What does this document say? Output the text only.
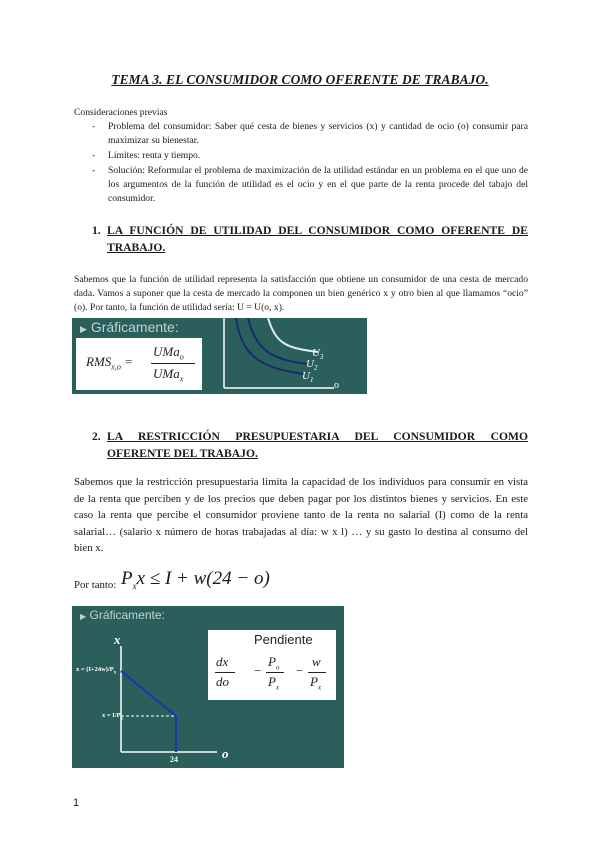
TEMA 3. EL CONSUMIDOR COMO OFERENTE DE TRABAJO.
Consideraciones previas
- Problema del consumidor: Saber qué cesta de bienes y servicios (x) y cantidad de ocio (o) consumir para maximizar su bienestar.
- Límites: renta y tiempo.
- Solución: Reformular el problema de maximización de la utilidad estándar en un problema en el que uno de los argumentos de la función de utilidad es el ocio y en el que parte de la renta procede del tabajo del consumidor.
1. LA FUNCIÓN DE UTILIDAD DEL CONSUMIDOR COMO OFERENTE DE TRABAJO.
Sabemos que la función de utilidad representa la satisfacción que obtiene un consumidor de una cesta de mercado dada. Vamos a suponer que la cesta de mercado la componen un bien genérico x y otro bien al que llamamos “ocio” (o). Por tanto, la función de utilidad sería: U = U(o, x).
▶ Gráficamente:
$RMS_{x,o}$ =
UMa$_o$
UMa$_x$
$U_3$
$U_2$
$U_1$ o
2. LA RESTRICCIÓN PRESUPUESTARIA DEL CONSUMIDOR COMO OFERENTE DEL TRABAJO.
Sabemos que la restricción presupuestaria limita la capacidad de los individuos para consumir en vista de la renta que perciben y de los precios que deben pagar por los distintos bienes y servicios. En este caso la renta que percibe el consumidor proviene tanto de la renta no salarial (I) como de la renta salarial… (salario x número de horas trabajadas al día: w x l) … y su gasto lo destina al consumo del bien x.
Por tanto: $P_xx \le I + w(24 - o)$
▶ Gráficamente:
x
o
$x = (I+24w)/P_x$
$x = I/P_x$
24
Pendiente
dx
do
−
$P_o$
$P_x$
−
w
$P_x$
1
